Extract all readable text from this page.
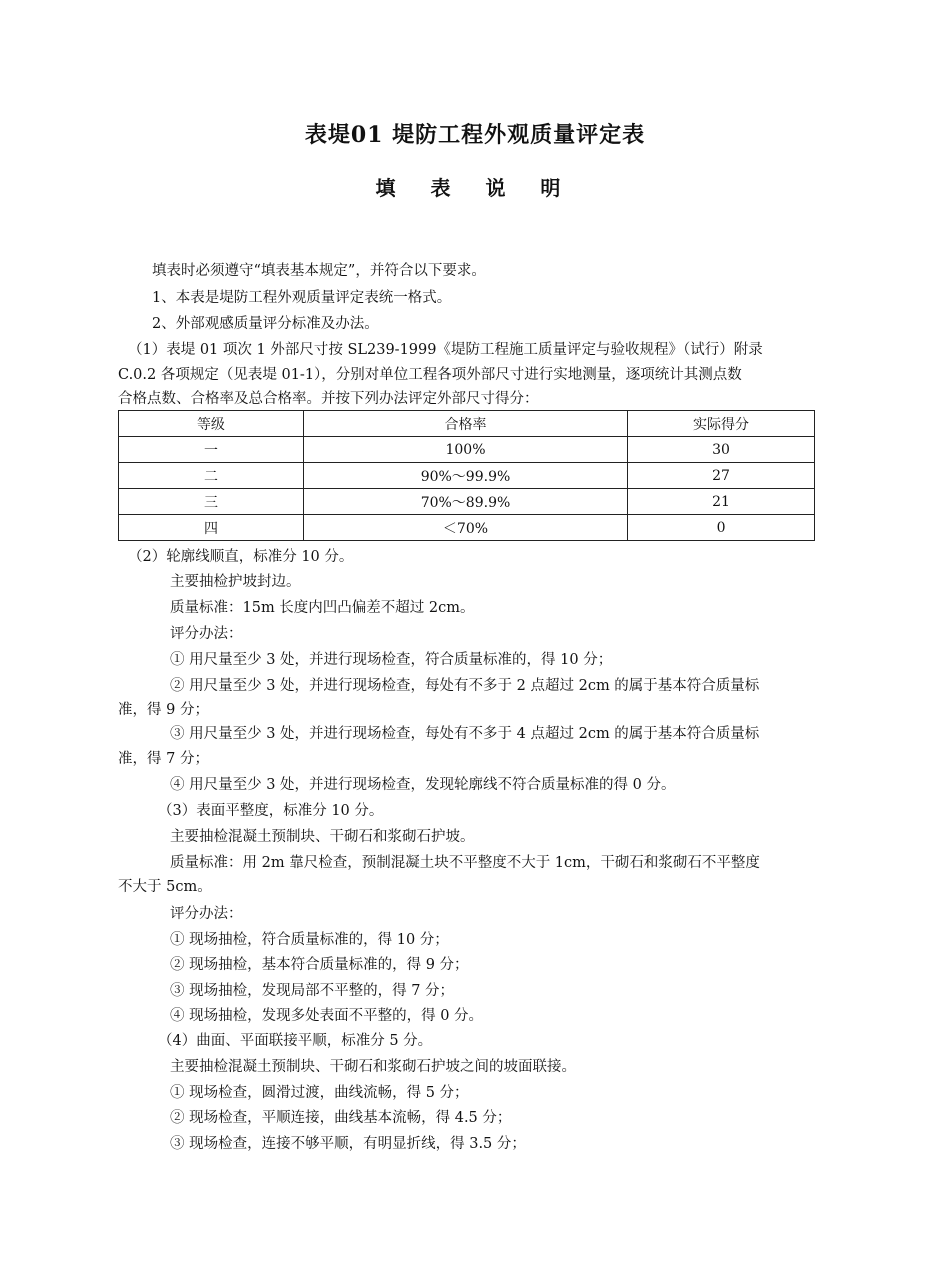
表堤01 堤防工程外观质量评定表
填 表 说 明
填表时必须遵守“填表基本规定”，并符合以下要求。
1、本表是堤防工程外观质量评定表统一格式。
2、外部观感质量评分标准及办法。
（1）表堤 01 项次 1 外部尺寸按 SL239-1999《堤防工程施工质量评定与验收规程》（试行）附录
C.0.2 各项规定（见表堤 01-1），分别对单位工程各项外部尺寸进行实地测量，逐项统计其测点数
合格点数、合格率及总合格率。并按下列办法评定外部尺寸得分：
等级	合格率	实际得分
一	100%	30
二	90%～99.9%	27
三	70%～89.9%	21
四	＜70%	0
（2）轮廓线顺直，标准分 10 分。
主要抽检护坡封边。
质量标准：15m 长度内凹凸偏差不超过 2cm。
评分办法：
① 用尺量至少 3 处，并进行现场检查，符合质量标准的，得 10 分；
② 用尺量至少 3 处，并进行现场检查，每处有不多于 2 点超过 2cm 的属于基本符合质量标
准，得 9 分；
③ 用尺量至少 3 处，并进行现场检查，每处有不多于 4 点超过 2cm 的属于基本符合质量标
准，得 7 分；
④ 用尺量至少 3 处，并进行现场检查，发现轮廓线不符合质量标准的得 0 分。
（3）表面平整度，标准分 10 分。
主要抽检混凝土预制块、干砌石和浆砌石护坡。
质量标准：用 2m 靠尺检查，预制混凝土块不平整度不大于 1cm，干砌石和浆砌石不平整度
不大于 5cm。
评分办法：
① 现场抽检，符合质量标准的，得 10 分；
② 现场抽检，基本符合质量标准的，得 9 分；
③ 现场抽检，发现局部不平整的，得 7 分；
④ 现场抽检，发现多处表面不平整的，得 0 分。
（4）曲面、平面联接平顺，标准分 5 分。
主要抽检混凝土预制块、干砌石和浆砌石护坡之间的坡面联接。
① 现场检查，圆滑过渡，曲线流畅，得 5 分；
② 现场检查，平顺连接，曲线基本流畅，得 4.5 分；
③ 现场检查，连接不够平顺，有明显折线，得 3.5 分；
